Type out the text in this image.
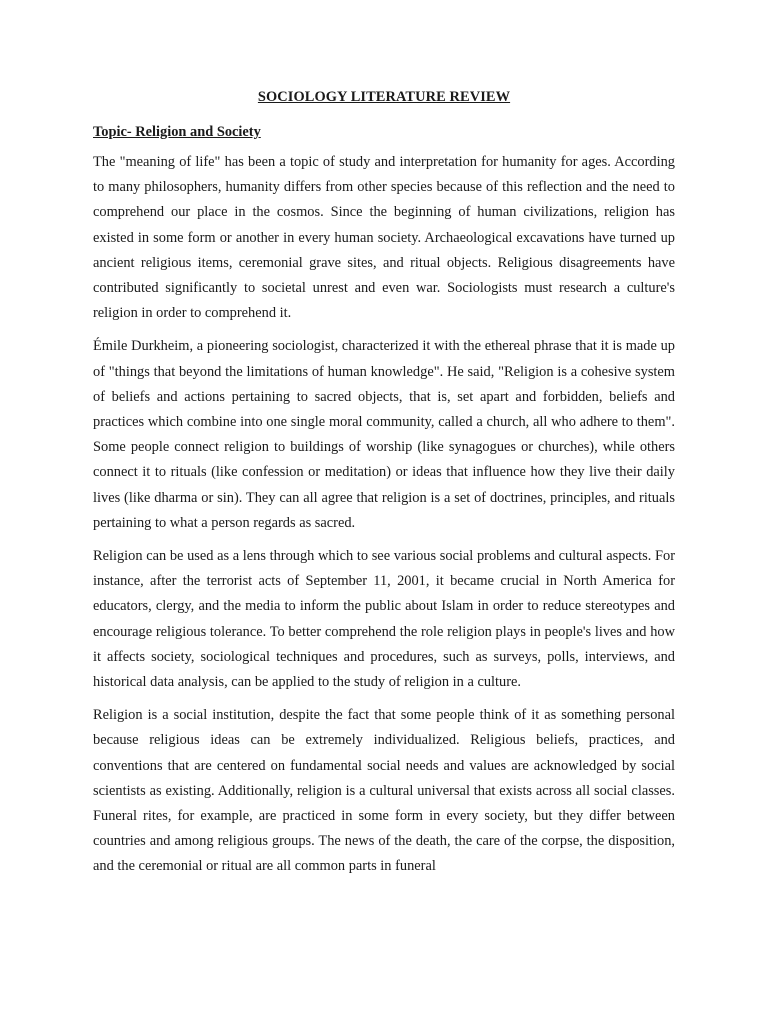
SOCIOLOGY LITERATURE REVIEW

Topic- Religion and Society

The "meaning of life" has been a topic of study and interpretation for humanity for ages. According to many philosophers, humanity differs from other species because of this reflection and the need to comprehend our place in the cosmos. Since the beginning of human civilizations, religion has existed in some form or another in every human society. Archaeological excavations have turned up ancient religious items, ceremonial grave sites, and ritual objects. Religious disagreements have contributed significantly to societal unrest and even war. Sociologists must research a culture's religion in order to comprehend it.

Émile Durkheim, a pioneering sociologist, characterized it with the ethereal phrase that it is made up of "things that beyond the limitations of human knowledge". He said, "Religion is a cohesive system of beliefs and actions pertaining to sacred objects, that is, set apart and forbidden, beliefs and practices which combine into one single moral community, called a church, all who adhere to them". Some people connect religion to buildings of worship (like synagogues or churches), while others connect it to rituals (like confession or meditation) or ideas that influence how they live their daily lives (like dharma or sin). They can all agree that religion is a set of doctrines, principles, and rituals pertaining to what a person regards as sacred.

Religion can be used as a lens through which to see various social problems and cultural aspects. For instance, after the terrorist acts of September 11, 2001, it became crucial in North America for educators, clergy, and the media to inform the public about Islam in order to reduce stereotypes and encourage religious tolerance. To better comprehend the role religion plays in people's lives and how it affects society, sociological techniques and procedures, such as surveys, polls, interviews, and historical data analysis, can be applied to the study of religion in a culture.

Religion is a social institution, despite the fact that some people think of it as something personal because religious ideas can be extremely individualized. Religious beliefs, practices, and conventions that are centered on fundamental social needs and values are acknowledged by social scientists as existing. Additionally, religion is a cultural universal that exists across all social classes. Funeral rites, for example, are practiced in some form in every society, but they differ between countries and among religious groups. The news of the death, the care of the corpse, the disposition, and the ceremonial or ritual are all common parts in funeral
